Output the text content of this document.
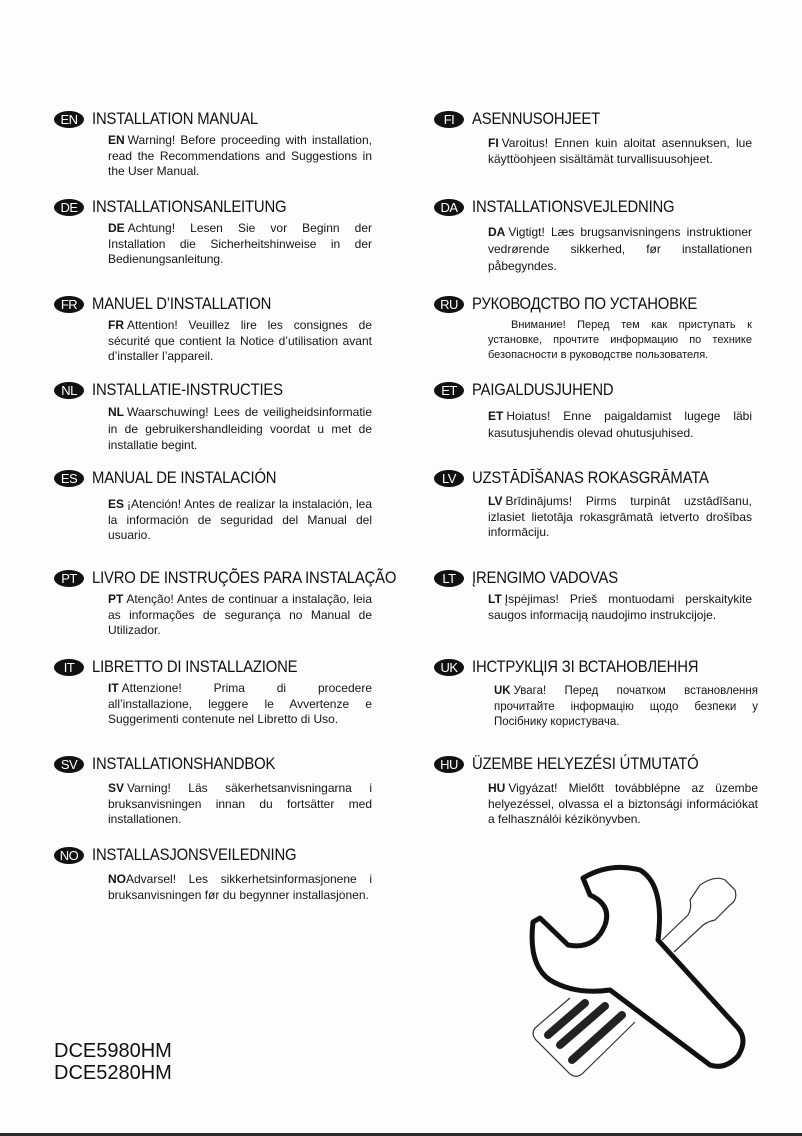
EN INSTALLATION MANUAL
EN Warning! Before proceeding with installation, read the Recommendations and Suggestions in the User Manual.
DE INSTALLATIONSANLEITUNG
DE Achtung! Lesen Sie vor Beginn der Installation die Sicherheitshinweise in der Bedienungsanleitung.
FR MANUEL D’INSTALLATION
FR Attention! Veuillez lire les consignes de sécurité que contient la Notice d’utilisation avant d’installer l’appareil.
NL INSTALLATIE-INSTRUCTIES
NL Waarschuwing! Lees de veiligheidsinformatie in de gebruikershandleiding voordat u met de installatie begint.
ES MANUAL DE INSTALACIÓN
ES ¡Atención! Antes de realizar la instalación, lea la información de seguridad del Manual del usuario.
PT LIVRO DE INSTRUÇÕES PARA INSTALAÇÃO
PT Atenção! Antes de continuar a instalação, leia as informações de segurança no Manual de Utilizador.
IT	LIBRETTO DI INSTALLAZIONE
IT Attenzione! Prima di procedere all’installazione, leggere le Avvertenze e Suggerimenti contenute nel Libretto di Uso.
SV INSTALLATIONSHANDBOK
SV Varning! Läs säkerhetsanvisningarna i bruksanvisningen innan du fortsätter med installationen.
NO INSTALLASJONSVEILEDNING
NOAdvarsel! Les sikkerhetsinformasjonene i bruksanvisningen før du begynner installasjonen.
FI	ASENNUSOHJEET
FI Varoitus! Ennen kuin aloitat asennuksen, lue käyttöohjeen sisältämät turvallisuusohjeet.
DA INSTALLATIONSVEJLEDNING
DA Vigtigt! Læs brugsanvisningens instruktioner vedrørende sikkerhed, før installationen påbegyndes.
RU РУКОВОДСТВО ПО УСТАНОВКЕ
Внимание! Перед тем как приступать к установке, прочтите информацию по технике безопасности в руководстве пользователя.
ET PAIGALDUSJUHEND
ET Hoiatus! Enne paigaldamist lugege läbi kasutusjuhendis olevad ohutusjuhised.
LV UZSTĀDĪŠANAS ROKASGRĀMATA
LV Brīdinājums! Pirms turpināt uzstādīšanu, izlasiet lietotāja rokasgrāmatā ietverto drošības informāciju.
LT ĮRENGIMO VADOVAS
LT Įspėjimas! Prieš montuodami perskaitykite saugos informaciją naudojimo instrukcijoje.
UK ІНСТРУКЦІЯ ЗІ ВСТАНОВЛЕННЯ
UK Увага! Перед початком встановлення прочитайте інформацію щодо безпеки у Посібнику користувача.
HU ÜZEMBE HELYEZÉSI ÚTMUTATÓ
HU Vigyázat! Mielőtt továbblépne az üzembe helyezéssel, olvassa el a biztonsági információkat a felhasználói kézikönyvben.
DCE5980HM
DCE5280HM
